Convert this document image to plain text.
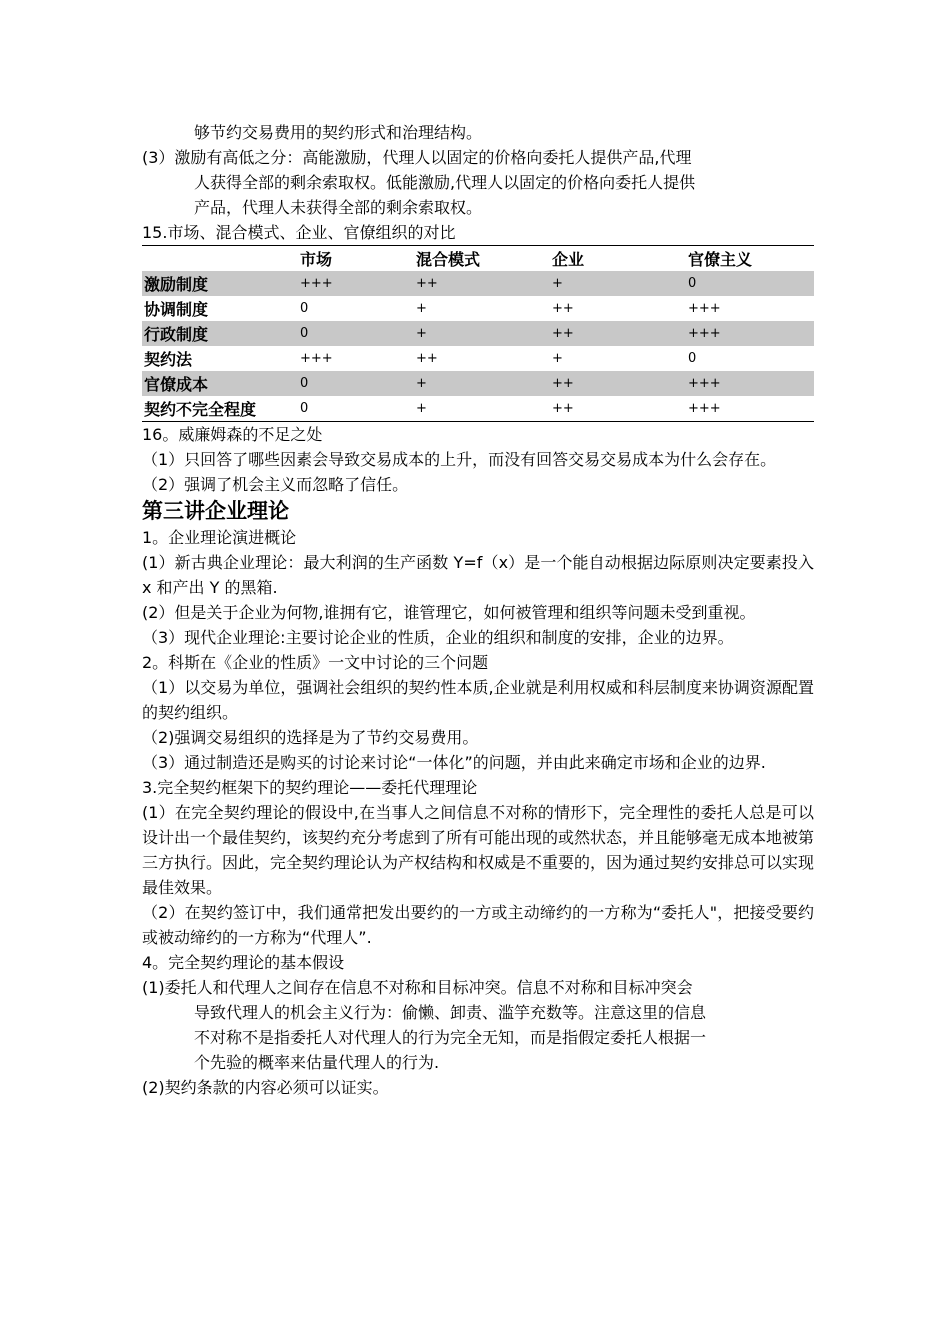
够节约交易费用的契约形式和治理结构。

(3）激励有高低之分：高能激励，代理人以固定的价格向委托人提供产品,代理

人获得全部的剩余索取权。低能激励,代理人以固定的价格向委托人提供

产品，代理人未获得全部的剩余索取权。

15.市场、混合模式、企业、官僚组织的对比

	市场	混合模式	企业	官僚主义
激励制度	+++	++	+	0
协调制度	0	+	++	+++
行政制度	0	+	++	+++
契约法	+++	++	+	0
官僚成本	0	+	++	+++
契约不完全程度	0	+	++	+++

16。威廉姆森的不足之处

（1）只回答了哪些因素会导致交易成本的上升，而没有回答交易交易成本为什么会存在。

（2）强调了机会主义而忽略了信任。

第三讲企业理论

1。企业理论演进概论

(1）新古典企业理论：最大利润的生产函数 Y=f（x）是一个能自动根据边际原则决定要素投入 x 和产出 Y 的黑箱.

(2）但是关于企业为何物,谁拥有它，谁管理它，如何被管理和组织等问题未受到重视。

（3）现代企业理论:主要讨论企业的性质，企业的组织和制度的安排，企业的边界。

2。科斯在《企业的性质》一文中讨论的三个问题

（1）以交易为单位，强调社会组织的契约性本质,企业就是利用权威和科层制度来协调资源配置的契约组织。

（2)强调交易组织的选择是为了节约交易费用。

（3）通过制造还是购买的讨论来讨论“一体化”的问题，并由此来确定市场和企业的边界.

3.完全契约框架下的契约理论——委托代理理论

(1）在完全契约理论的假设中,在当事人之间信息不对称的情形下，完全理性的委托人总是可以设计出一个最佳契约，该契约充分考虑到了所有可能出现的或然状态，并且能够毫无成本地被第三方执行。因此，完全契约理论认为产权结构和权威是不重要的，因为通过契约安排总可以实现最佳效果。

（2）在契约签订中，我们通常把发出要约的一方或主动缔约的一方称为“委托人"，把接受要约或被动缔约的一方称为“代理人”.

4。完全契约理论的基本假设

(1)委托人和代理人之间存在信息不对称和目标冲突。信息不对称和目标冲突会

导致代理人的机会主义行为：偷懒、卸责、滥竽充数等。注意这里的信息

不对称不是指委托人对代理人的行为完全无知，而是指假定委托人根据一

个先验的概率来估量代理人的行为.

(2)契约条款的内容必须可以证实。
